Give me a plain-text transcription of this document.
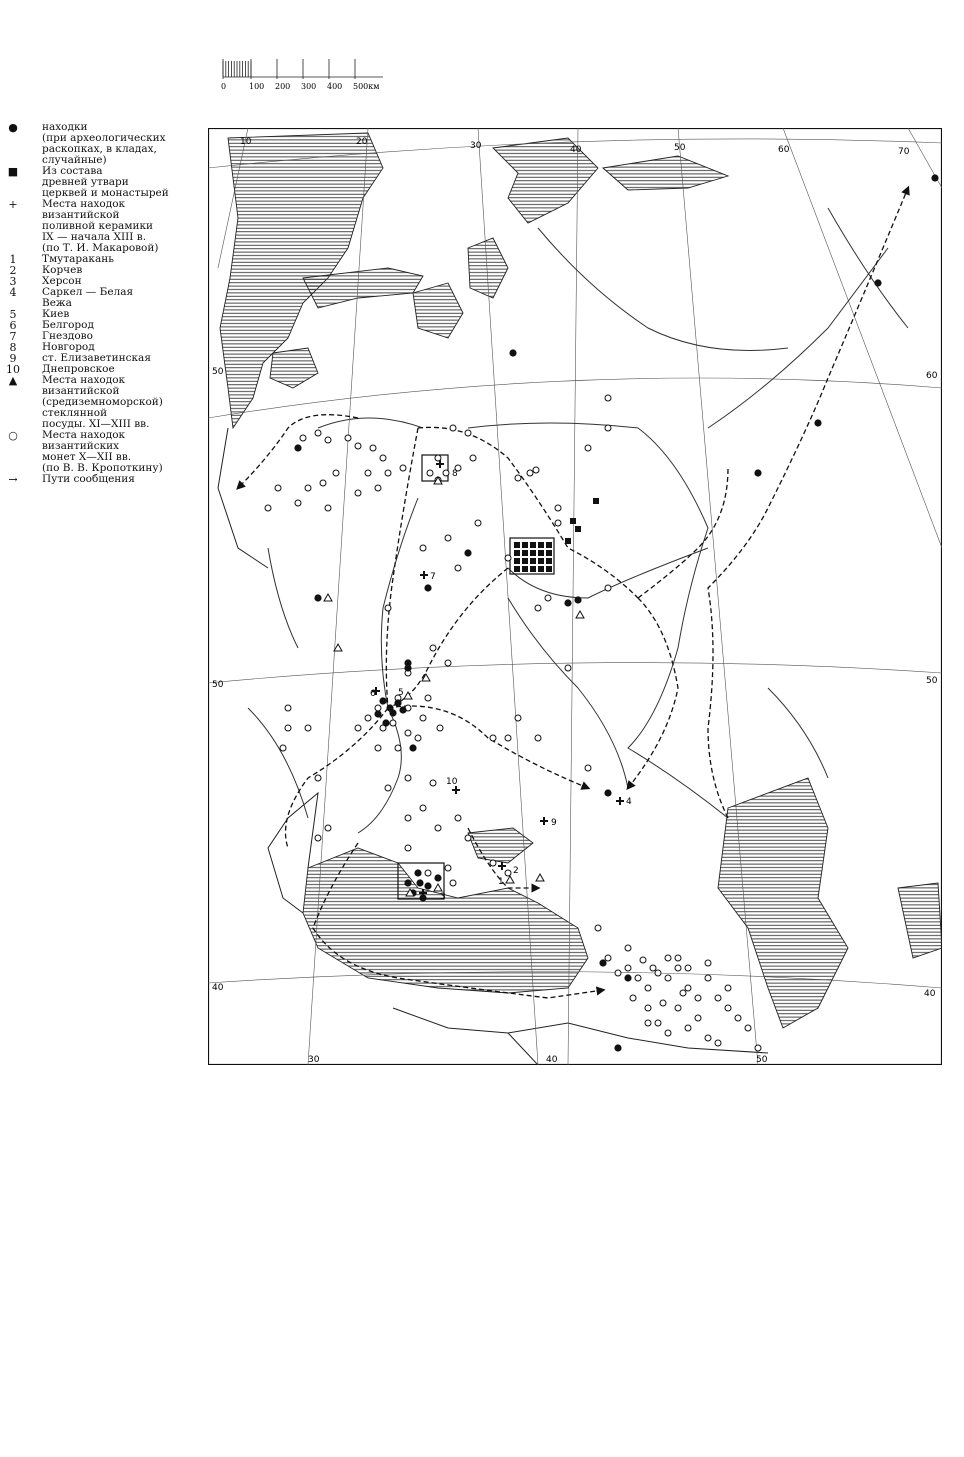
0	100 200 300 400 500км
● находки
(при археологических
раскопках, в кладах,
случайные)
■ Из состава
древней утвари
церквей и монастырей
+ Места находок
византийской
поливной керамики
IX — начала XIII в.
(по Т. И. Макаровой)
1	Тмутаракань
2	Корчев
3	Херсон
4	Саркел — Белая
Вежа
5	Киев
6	Белгород
7	Гнездово
8	Новгород
9	ст. Елизаветинская
10 Днепровское
▲ Места находок
византийской
(средиземноморской)
стеклянной
посуды. XI—XIII вв.
○ Места находок
византийских
монет X—XII вв.
(по В. В. Кропоткину)
→ Пути сообщения
1
2
3
4
5
6
7
8
9
10
10	20	30	40	50	60	70
30	40	50
50
50
40
60
50
40
